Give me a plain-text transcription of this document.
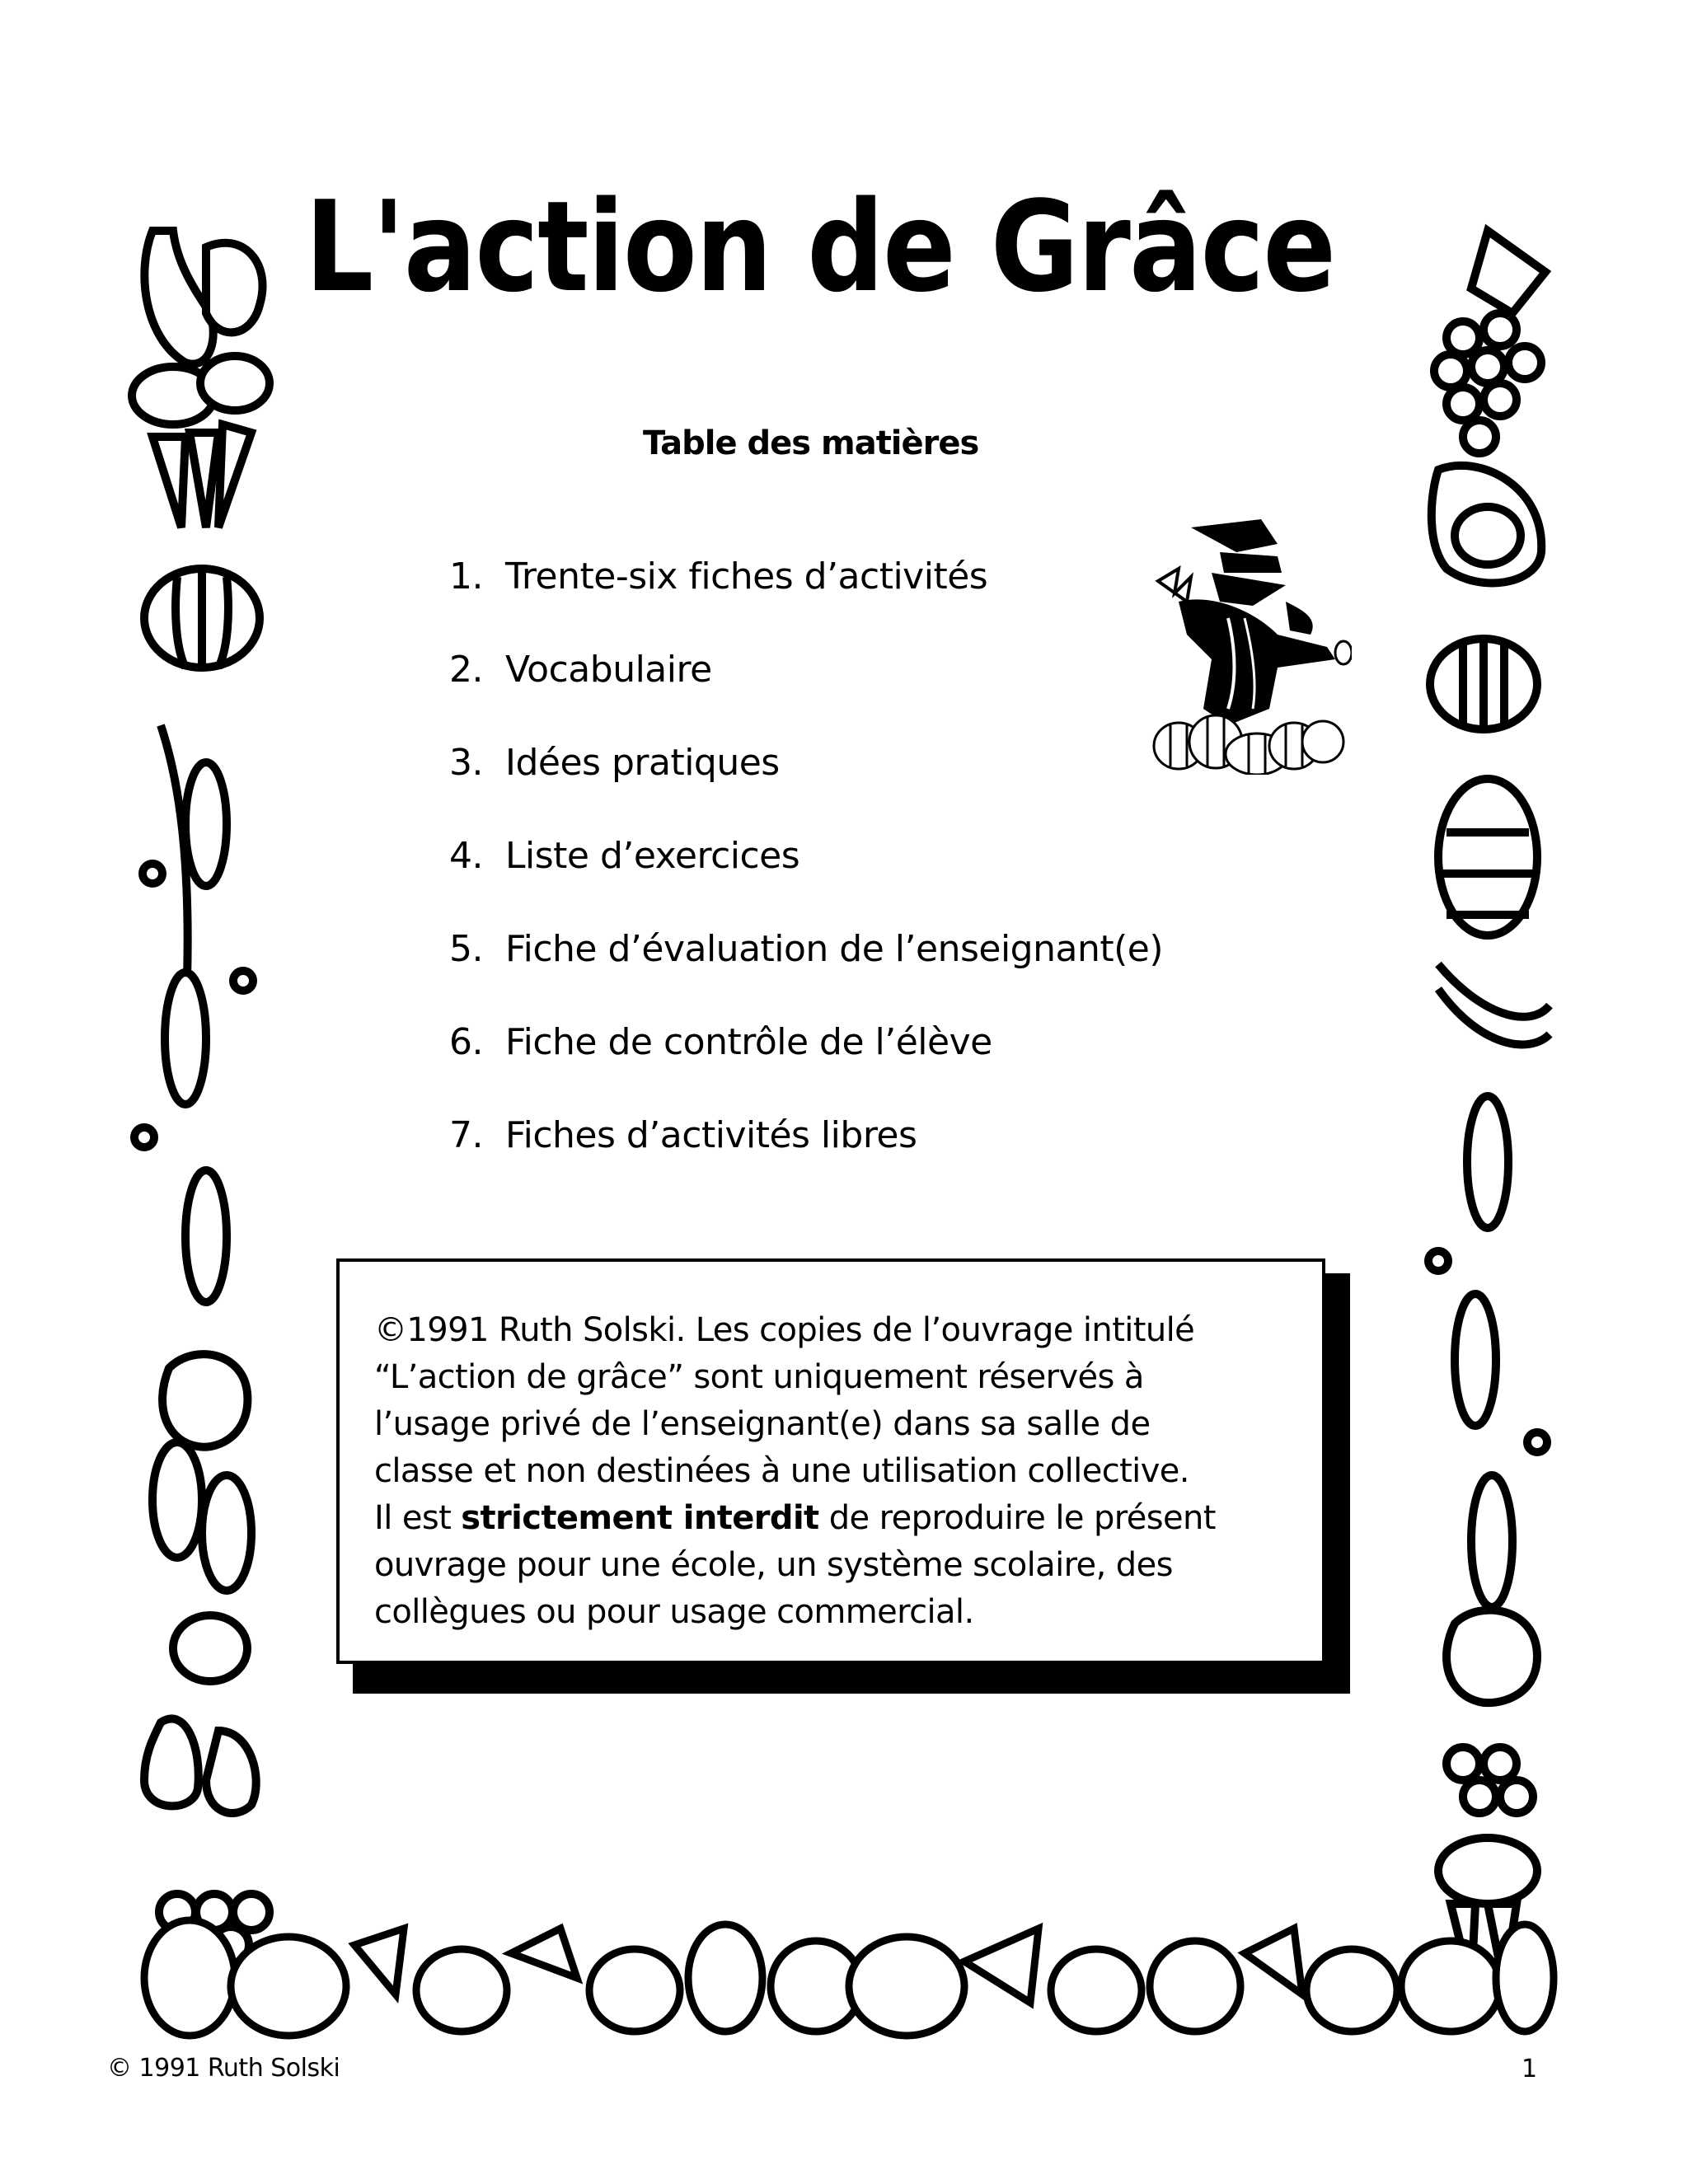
L'action de Grâce
Table des matières
1. Trente-six fiches d’activités
2. Vocabulaire
3. Idées pratiques
4. Liste d’exercices
5. Fiche d’évaluation de l’enseignant(e)
6. Fiche de contrôle de l’élève
7. Fiches d’activités libres
©1991 Ruth Solski. Les copies de l’ouvrage intitulé
“L’action de grâce” sont uniquement réservés à
l’usage privé de l’enseignant(e) dans sa salle de
classe et non destinées à une utilisation collective.
Il est strictement interdit de reproduire le présent
ouvrage pour une école, un système scolaire, des
collègues ou pour usage commercial.
© 1991 Ruth Solski	1
